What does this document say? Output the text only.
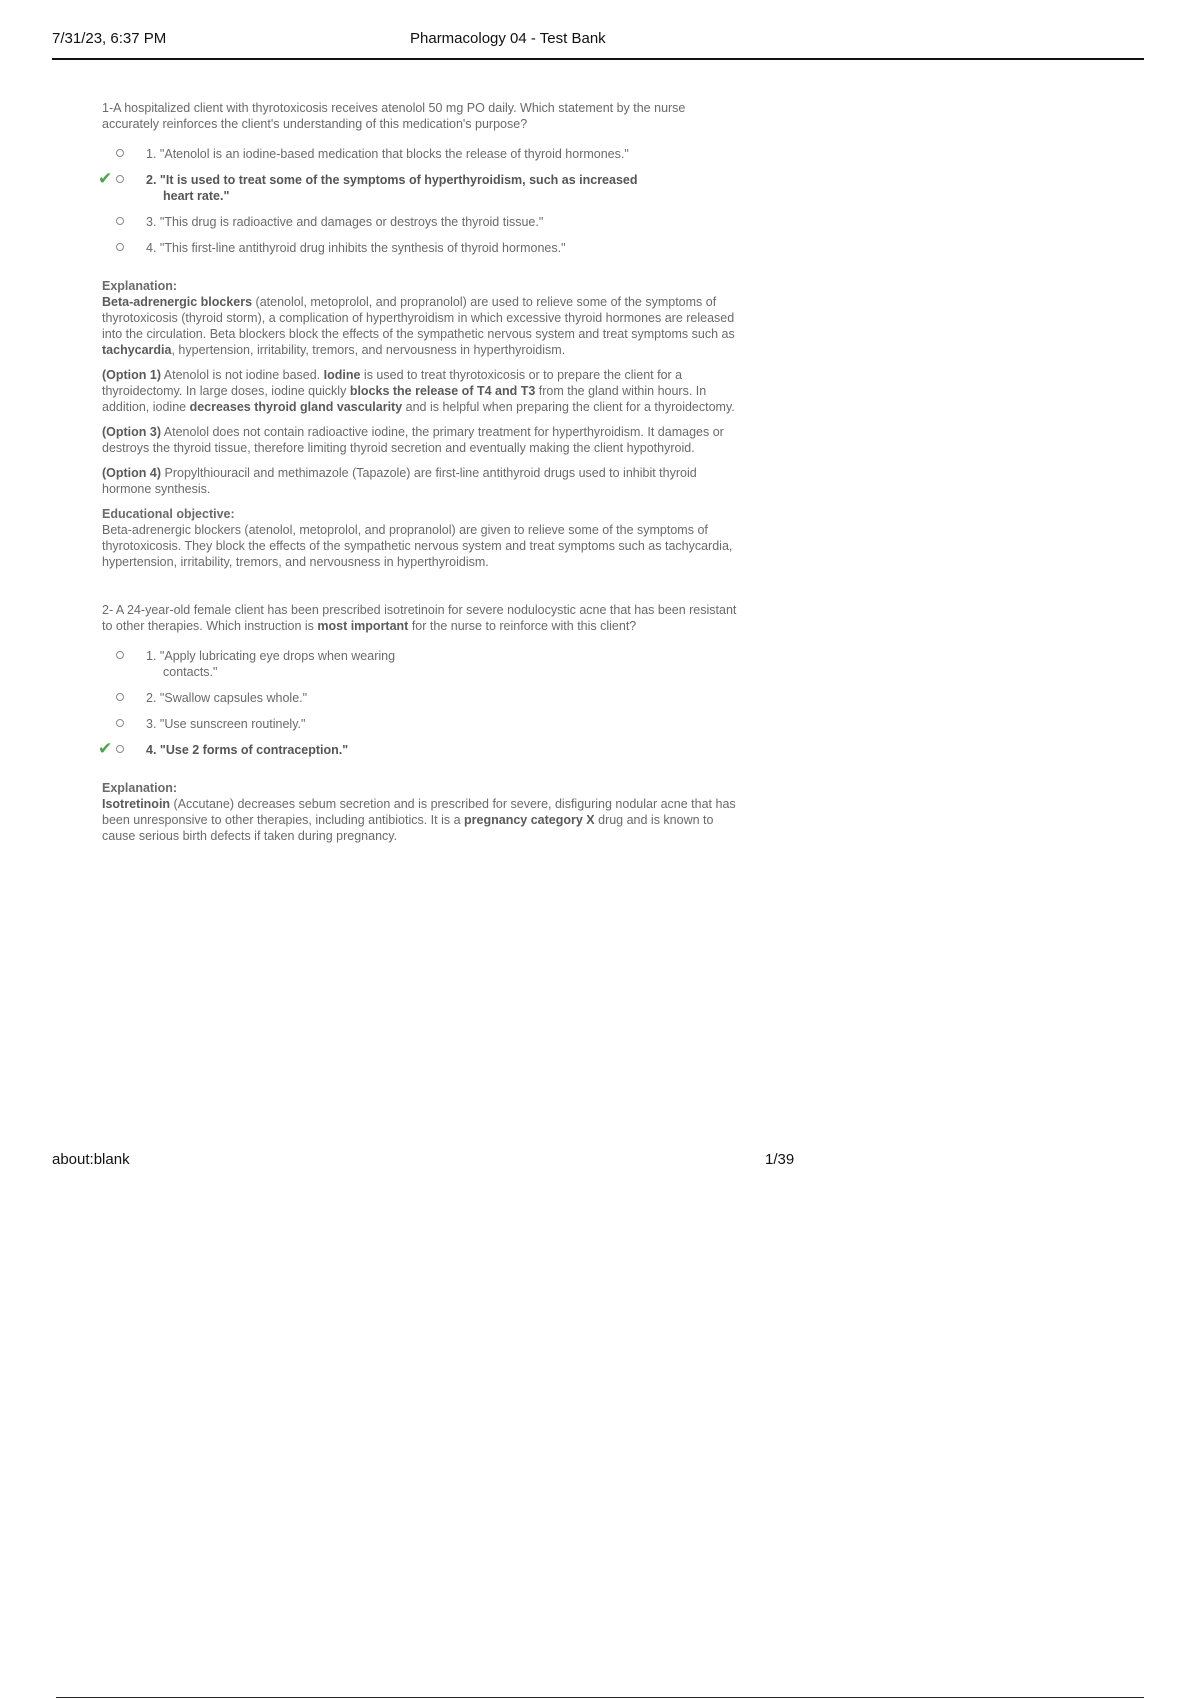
7/31/23, 6:37 PM	Pharmacology 04 - Test Bank

1-A hospitalized client with thyrotoxicosis receives atenolol 50 mg PO daily. Which statement by the nurse accurately reinforces the client's understanding of this medication's purpose?

1. "Atenolol is an iodine-based medication that blocks the release of thyroid hormones."
✔	2. "It is used to treat some of the symptoms of hyperthyroidism, such as increased
heart rate."
3. "This drug is radioactive and damages or destroys the thyroid tissue."
4. "This first-line antithyroid drug inhibits the synthesis of thyroid hormones."

Explanation:

Beta-adrenergic blockers (atenolol, metoprolol, and propranolol) are used to relieve some of the symptoms of thyrotoxicosis (thyroid storm), a complication of hyperthyroidism in which excessive thyroid hormones are released into the circulation. Beta blockers block the effects of the sympathetic nervous system and treat symptoms such as tachycardia, hypertension, irritability, tremors, and nervousness in hyperthyroidism.

(Option 1) Atenolol is not iodine based. Iodine is used to treat thyrotoxicosis or to prepare the client for a thyroidectomy. In large doses, iodine quickly blocks the release of T4 and T3 from the gland within hours. In addition, iodine decreases thyroid gland vascularity and is helpful when preparing the client for a thyroidectomy.

(Option 3) Atenolol does not contain radioactive iodine, the primary treatment for hyperthyroidism. It damages or destroys the thyroid tissue, therefore limiting thyroid secretion and eventually making the client hypothyroid.

(Option 4) Propylthiouracil and methimazole (Tapazole) are first-line antithyroid drugs used to inhibit thyroid hormone synthesis.

Educational objective:

Beta-adrenergic blockers (atenolol, metoprolol, and propranolol) are given to relieve some of the symptoms of thyrotoxicosis. They block the effects of the sympathetic nervous system and treat symptoms such as tachycardia, hypertension, irritability, tremors, and nervousness in hyperthyroidism.

2- A 24-year-old female client has been prescribed isotretinoin for severe nodulocystic acne that has been resistant to other therapies. Which instruction is most important for the nurse to reinforce with this client?

1. "Apply lubricating eye drops when wearing
contacts."
2. "Swallow capsules whole."
3. "Use sunscreen routinely."
✔	4. "Use 2 forms of contraception."

Explanation:

Isotretinoin (Accutane) decreases sebum secretion and is prescribed for severe, disfiguring nodular acne that has been unresponsive to other therapies, including antibiotics. It is a pregnancy category X drug and is known to cause serious birth defects if taken during pregnancy.

about:blank	1/39
